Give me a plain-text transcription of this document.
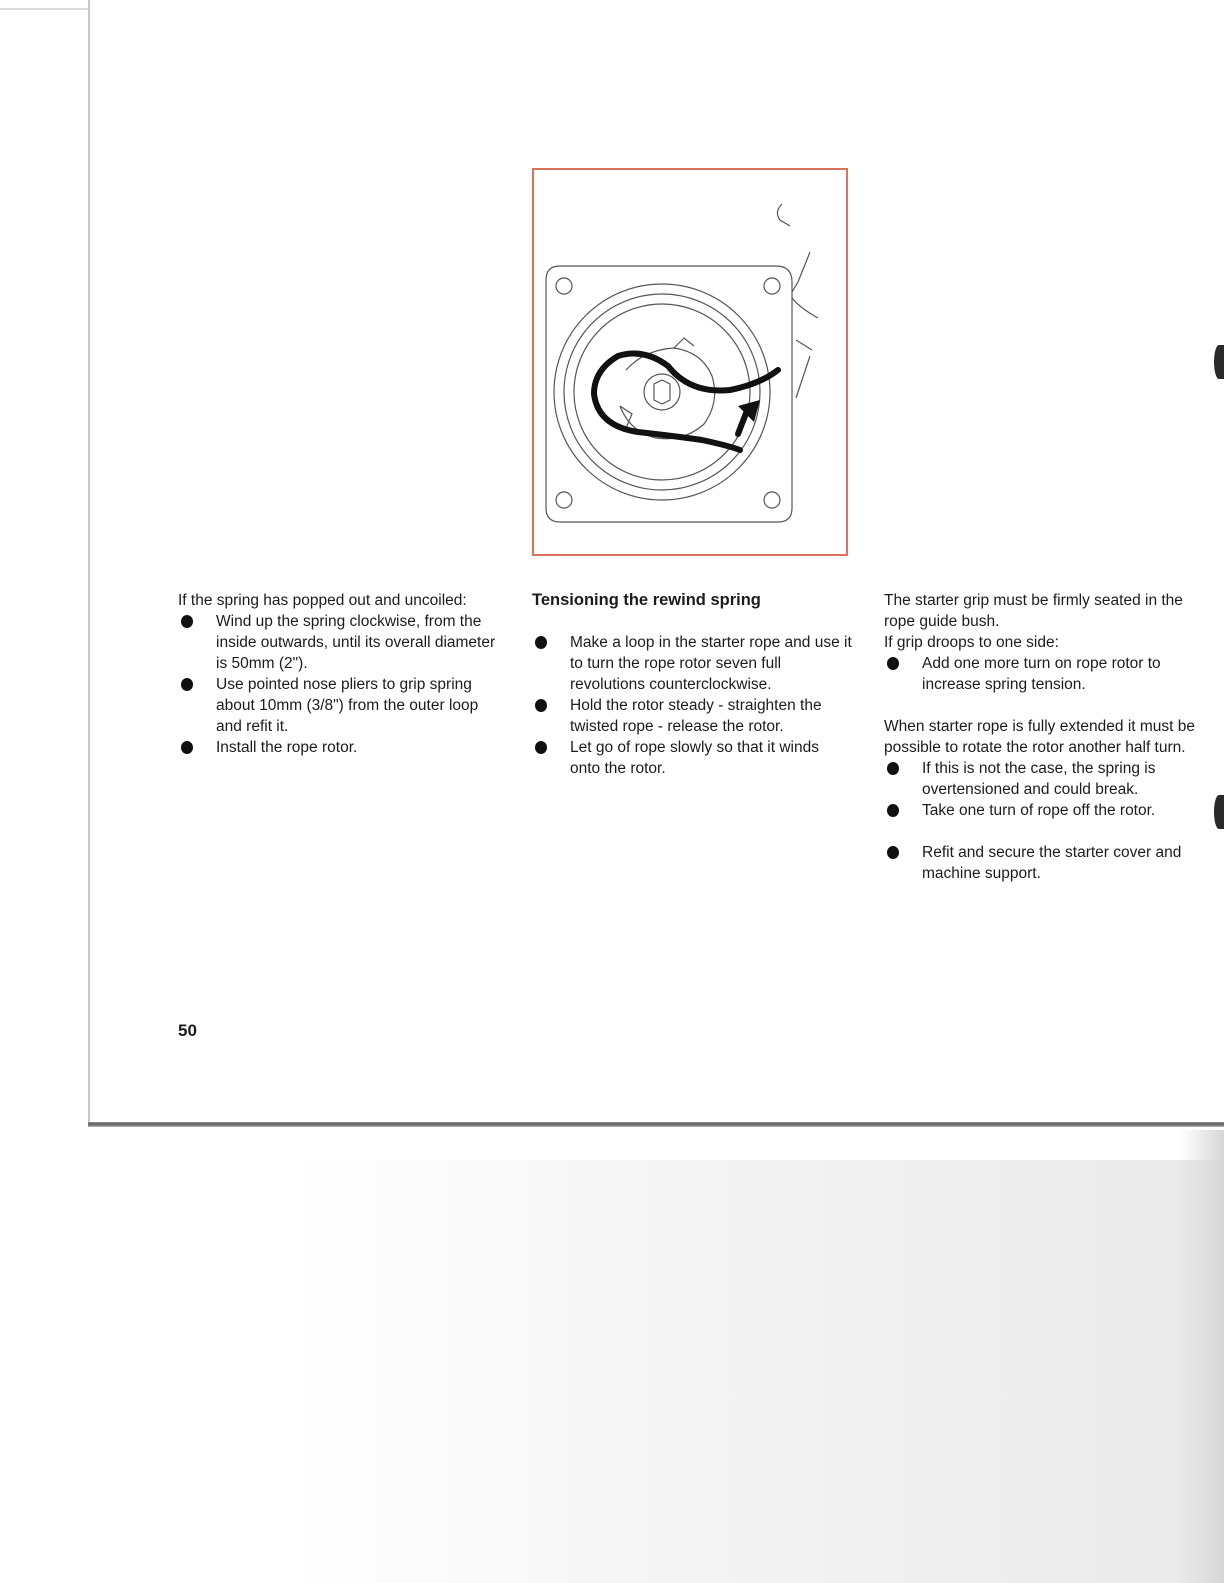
If the spring has popped out and uncoiled:

Wind up the spring clockwise, from the inside outwards, until its overall diameter is 50mm (2").
Use pointed nose pliers to grip spring about 10mm (3/8") from the outer loop and refit it.
Install the rope rotor.

Tensioning the rewind spring

Make a loop in the starter rope and use it to turn the rope rotor seven full revolutions counterclockwise.
Hold the rotor steady - straighten the twisted rope - release the rotor.
Let go of rope slowly so that it winds onto the rotor.

The starter grip must be firmly seated in the rope guide bush.

If grip droops to one side:

Add one more turn on rope rotor to increase spring tension.

When starter rope is fully extended it must be possible to rotate the rotor another half turn.

If this is not the case, the spring is overtensioned and could break.
Take one turn of rope off the rotor.
Refit and secure the starter cover and machine support.
50
